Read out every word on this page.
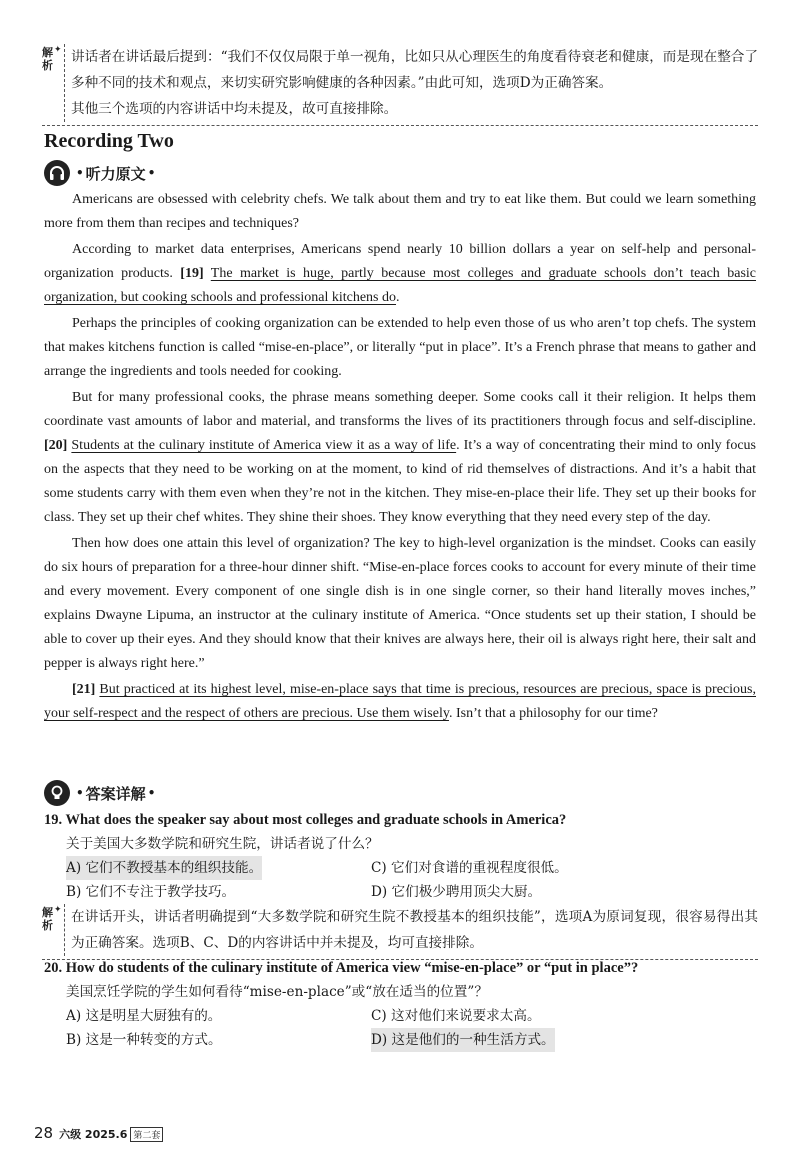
解析
✦ 讲话者在讲话最后提到：“我们不仅仅局限于单一视角，比如只从心理医生的角度看待衰老和健康，而是现在整合了多种不同的技术和观点，来切实研究影响健康的各种因素。”由此可知，选项D为正确答案。

其他三个选项的内容讲话中均未提及，故可直接排除。

Recording Two
• 听力原文 •

Americans are obsessed with celebrity chefs. We talk about them and try to eat like them. But could we learn something more from them than recipes and techniques?

According to market data enterprises, Americans spend nearly 10 billion dollars a year on self-help and personal-organization products. [19] The market is huge, partly because most colleges and graduate schools don’t teach basic organization, but cooking schools and professional kitchens do.

Perhaps the principles of cooking organization can be extended to help even those of us who aren’t top chefs. The system that makes kitchens function is called “mise-en-place”, or literally “put in place”. It’s a French phrase that means to gather and arrange the ingredients and tools needed for cooking.

But for many professional cooks, the phrase means something deeper. Some cooks call it their religion. It helps them coordinate vast amounts of labor and material, and transforms the lives of its practitioners through focus and self-discipline. [20] Students at the culinary institute of America view it as a way of life. It’s a way of concentrating their mind to only focus on the aspects that they need to be working on at the moment, to kind of rid themselves of distractions. And it’s a habit that some students carry with them even when they’re not in the kitchen. They mise-en-place their life. They set up their books for class. They set up their chef whites. They shine their shoes. They know everything that they need every step of the day.

Then how does one attain this level of organization? The key to high-level organization is the mindset. Cooks can easily do six hours of preparation for a three-hour dinner shift. “Mise-en-place forces cooks to account for every minute of their time and every movement. Every component of one single dish is in one single corner, so their hand literally moves inches,” explains Dwayne Lipuma, an instructor at the culinary institute of America. “Once students set up their station, I should be able to cover up their eyes. And they should know that their knives are always here, their oil is always right here, their salt and pepper is always right here.”

[21] But practiced at its highest level, mise-en-place says that time is precious, resources are precious, space is precious, your self-respect and the respect of others are precious. Use them wisely. Isn’t that a philosophy for our time?

• 答案详解 •
19. What does the speaker say about most colleges and graduate schools in America?
关于美国大多数学院和研究生院，讲话者说了什么？
A) 它们不教授基本的组织技能。	C) 它们对食谱的重视程度很低。
B) 它们不专注于教学技巧。	D) 它们极少聘用顶尖大厨。
解析
✦ 在讲话开头，讲话者明确提到“大多数学院和研究生院不教授基本的组织技能”，选项A为原词复现，很容易得出其为正确答案。选项B、C、D的内容讲话中并未提及，均可直接排除。

20. How do students of the culinary institute of America view “mise-en-place” or “put in place”?
美国烹饪学院的学生如何看待“mise-en-place”或“放在适当的位置”？
A) 这是明星大厨独有的。	C) 这对他们来说要求太高。
B) 这是一种转变的方式。	D) 这是他们的一种生活方式。
28 六级 2025.6 第二套
